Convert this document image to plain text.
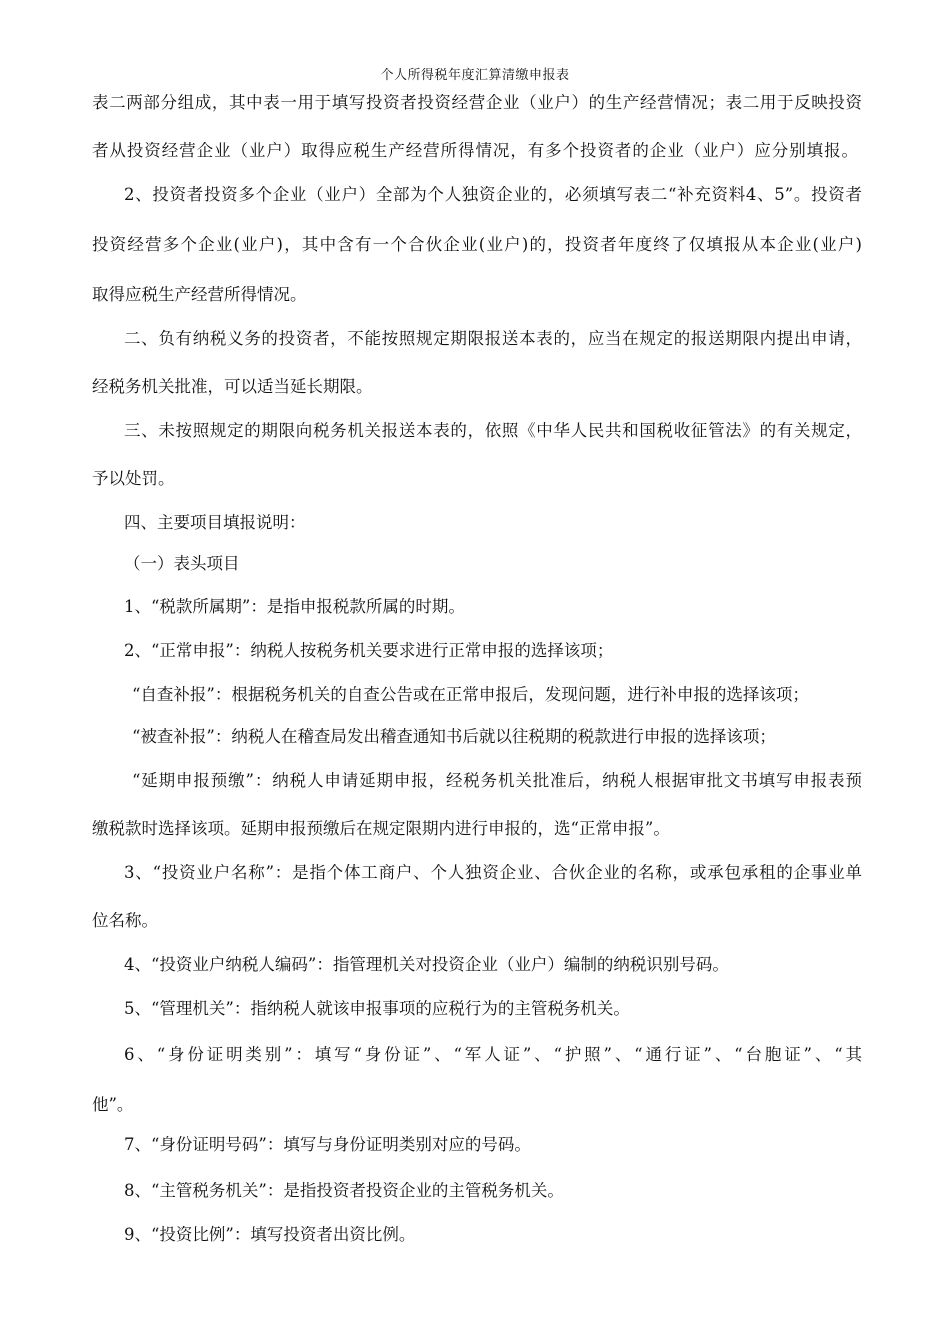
个人所得税年度汇算清缴申报表
表二两部分组成，其中表一用于填写投资者投资经营企业（业户）的生产经营情况；表二用于反映投资
者从投资经营企业（业户）取得应税生产经营所得情况，有多个投资者的企业（业户）应分别填报。
2、投资者投资多个企业（业户）全部为个人独资企业的，必须填写表二“补充资料4、5”。投资者
投资经营多个企业(业户)，其中含有一个合伙企业(业户)的，投资者年度终了仅填报从本企业(业户)
取得应税生产经营所得情况。
二、负有纳税义务的投资者，不能按照规定期限报送本表的，应当在规定的报送期限内提出申请，
经税务机关批准，可以适当延长期限。
三、未按照规定的期限向税务机关报送本表的，依照《中华人民共和国税收征管法》的有关规定，
予以处罚。
四、主要项目填报说明：
（一）表头项目
1、“税款所属期”：是指申报税款所属的时期。
2、“正常申报”：纳税人按税务机关要求进行正常申报的选择该项；
“自查补报”：根据税务机关的自查公告或在正常申报后，发现问题，进行补申报的选择该项；
“被查补报”：纳税人在稽查局发出稽查通知书后就以往税期的税款进行申报的选择该项；
“延期申报预缴”：纳税人申请延期申报，经税务机关批准后，纳税人根据审批文书填写申报表预
缴税款时选择该项。延期申报预缴后在规定限期内进行申报的，选“正常申报”。
3、“投资业户名称”：是指个体工商户、个人独资企业、合伙企业的名称，或承包承租的企事业单
位名称。
4、“投资业户纳税人编码”：指管理机关对投资企业（业户）编制的纳税识别号码。
5、“管理机关”：指纳税人就该申报事项的应税行为的主管税务机关。
6、“身份证明类别”：填写“身份证”、“军人证”、“护照”、“通行证”、“台胞证”、“其
他”。
7、“身份证明号码”：填写与身份证明类别对应的号码。
8、“主管税务机关”：是指投资者投资企业的主管税务机关。
9、“投资比例”：填写投资者出资比例。
